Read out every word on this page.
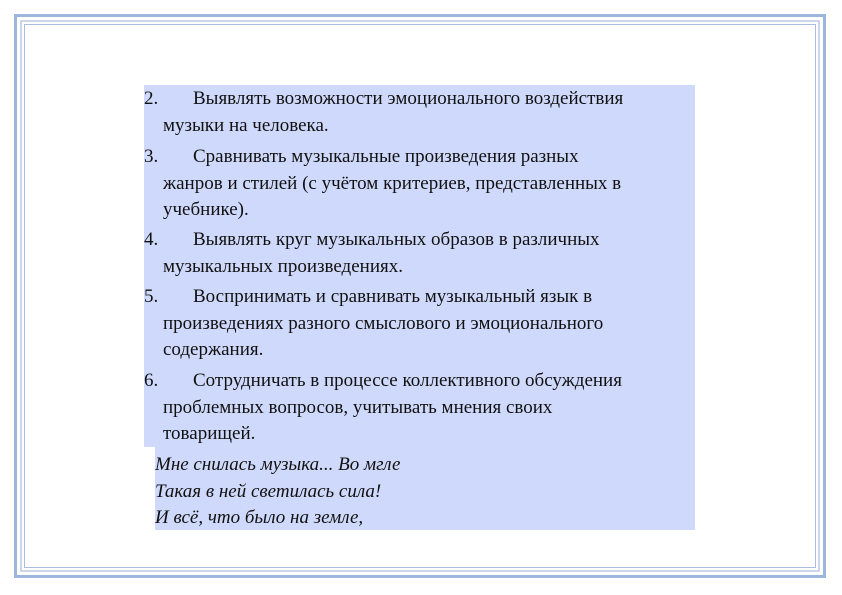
2.	Выявлять возможности эмоционального воздействия
музыки на человека.
3.	Сравнивать музыкальные произведения разных
жанров и стилей (с учётом критериев, представленных в
учебнике).
4.	Выявлять круг музыкальных образов в различных
музыкальных произведениях.
5.	Воспринимать и сравнивать музыкальный язык в
произведениях разного смыслового и эмоционального
содержания.
6.	Сотрудничать в процессе коллективного обсуждения
проблемных вопросов, учитывать мнения своих
товарищей.
Мне снилась музыка... Во мгле
Такая в ней светилась сила!
И всё, что было на земле,
